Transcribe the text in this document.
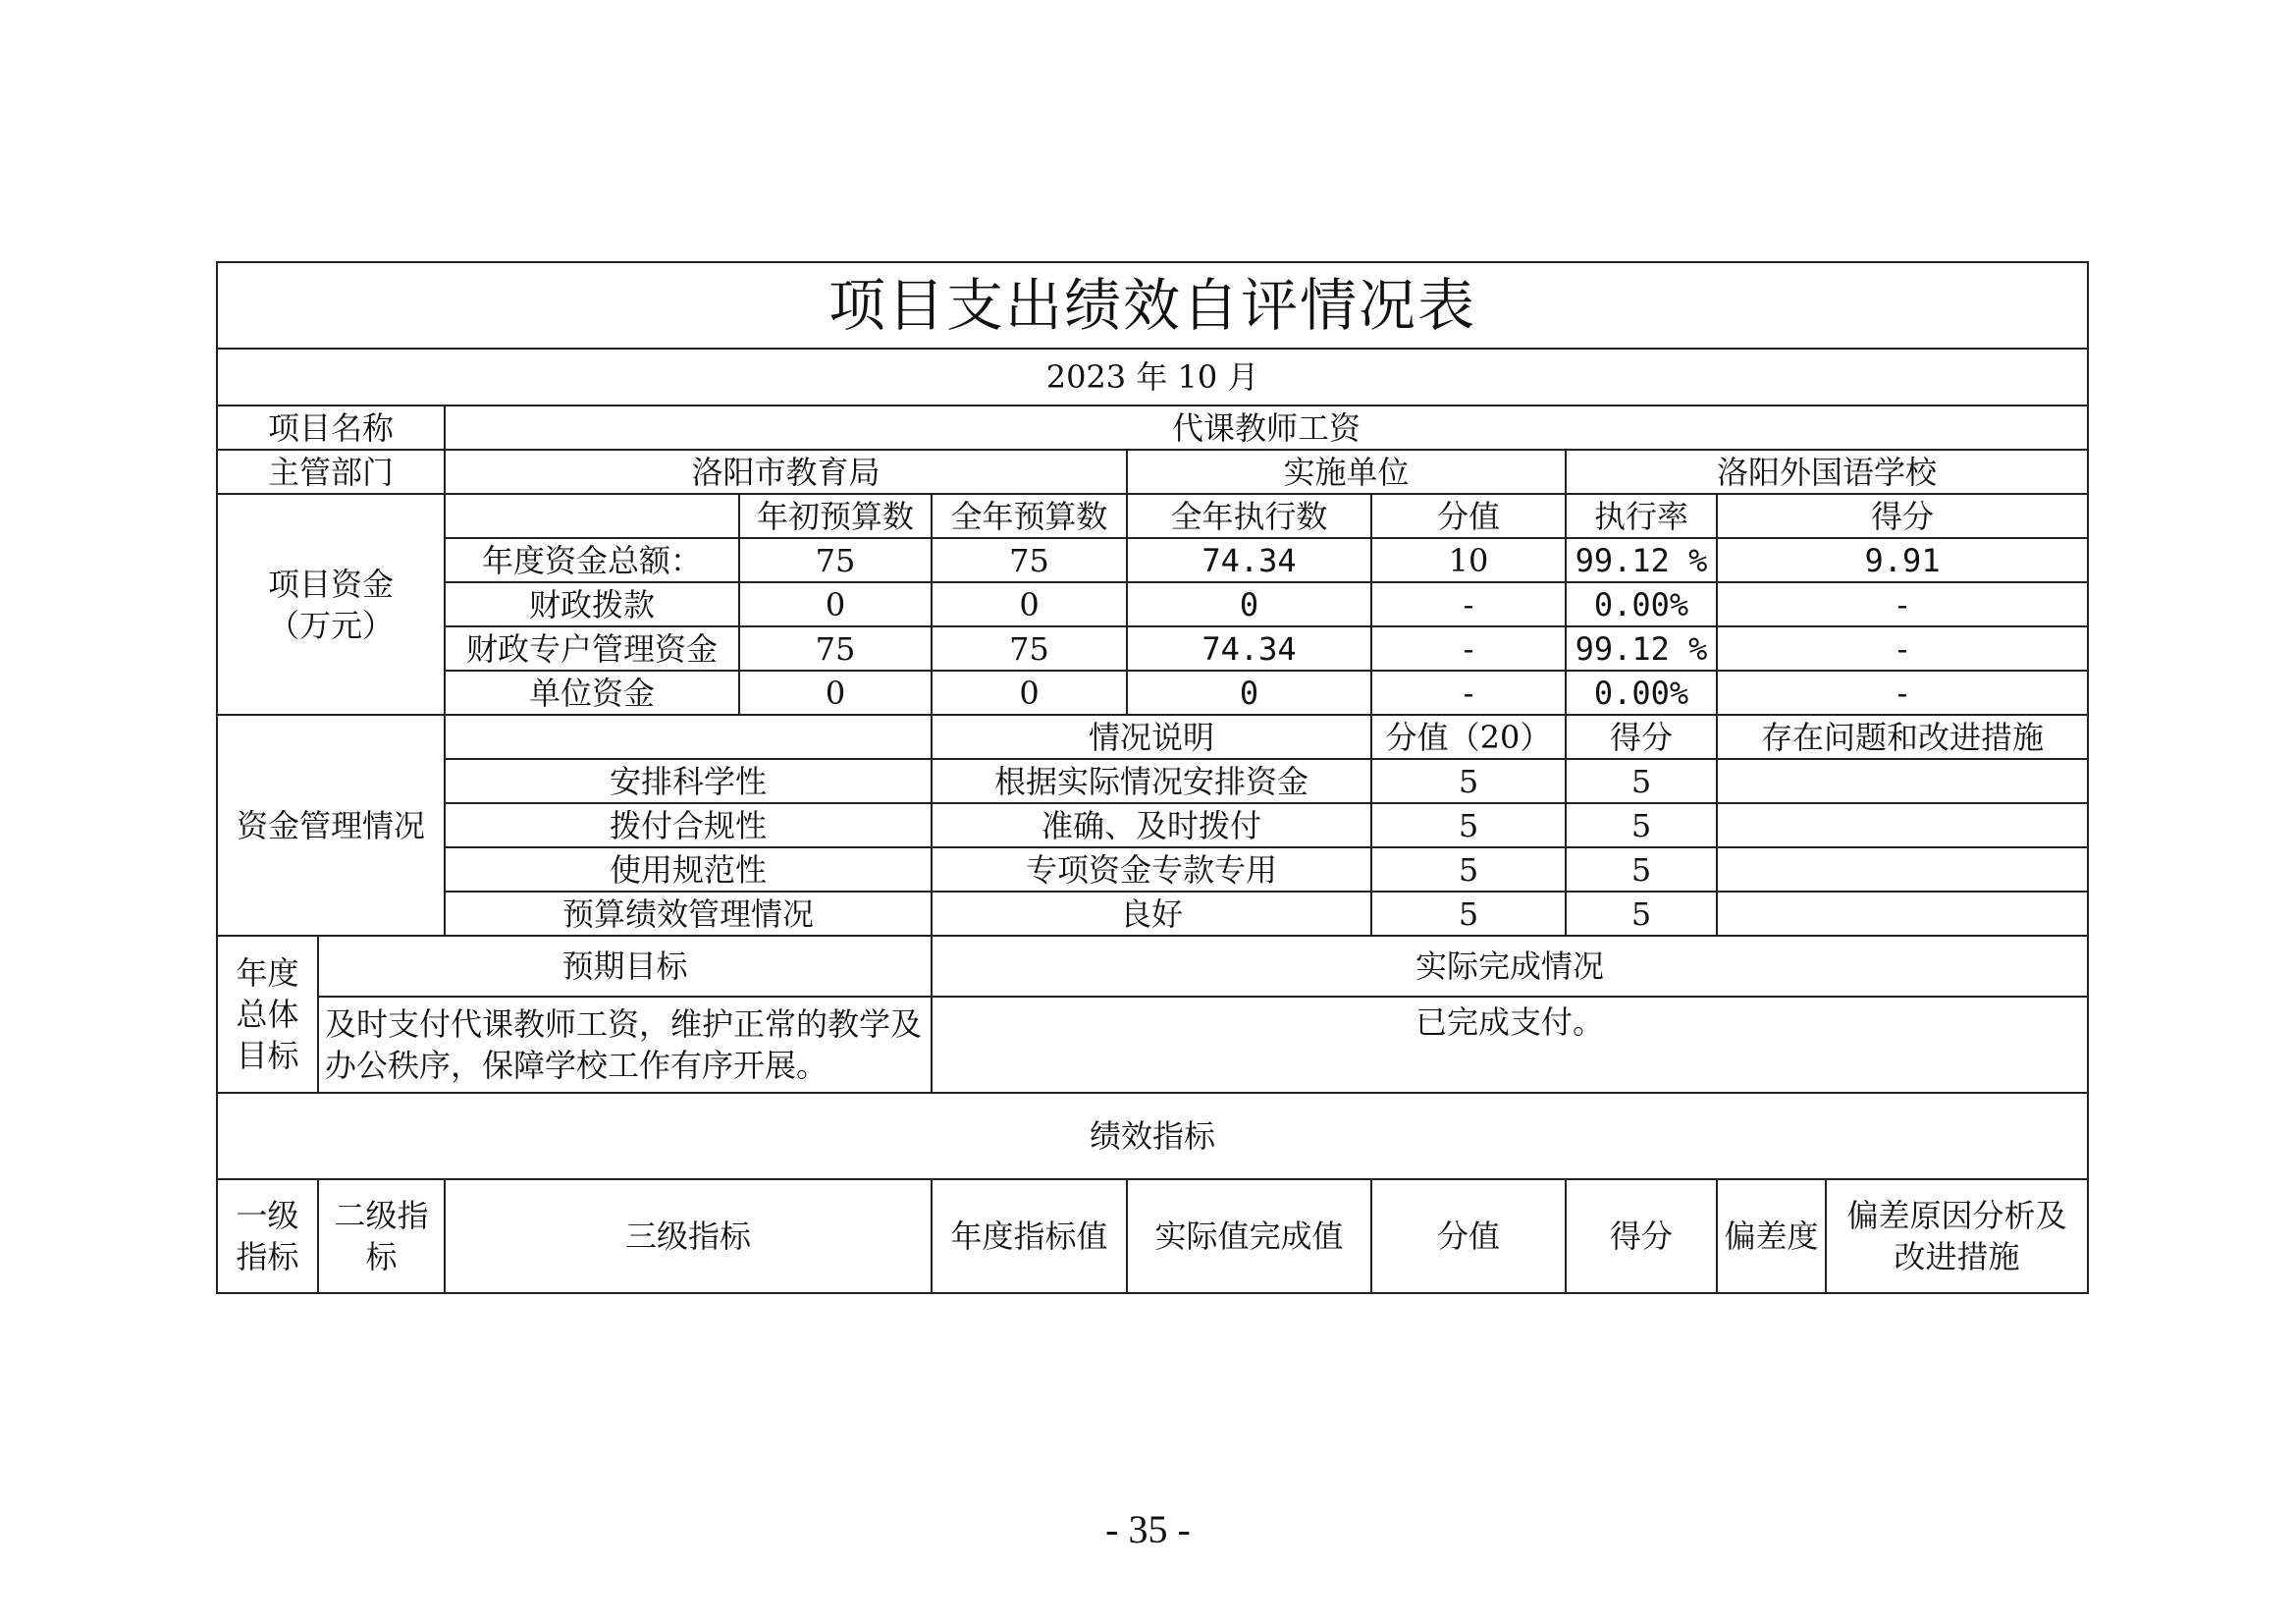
项目支出绩效自评情况表									
2023 年 10 月									
项目名称		代课教师工资							
主管部门		洛阳市教育局			实施单位		洛阳外国语学校		

项目资金
（万元）			年初预算数	全年预算数	全年执行数	分值	执行率	得分	
		年度资金总额：	75	75	74.34	10	99.12 %	9.91	
		财政拨款	0	0	0	-	0.00%	-	
		财政专户管理资金	75	75	74.34	-	99.12 %	-	
		单位资金	0	0	0	-	0.00%	-	
资金管理情况				情况说明		分值（20）	得分	存在问题和改进措施	
		安排科学性		根据实际情况安排资金		5	5		
		拨付合规性		准确、及时拨付		5	5		
		使用规范性		专项资金专款专用		5	5		
		预算绩效管理情况		良好		5	5		
年度总体目标	预期目标			实际完成情况					
	及时支付代课教师工资，维护正常的教学及办公秩序，保障学校工作有序开展。			已完成支付。					
绩效指标									
一级指标	二级指标	三级指标		年度指标值	实际值完成值	分值	得分	偏差度	偏差原因分析及改进措施
- 35 -
